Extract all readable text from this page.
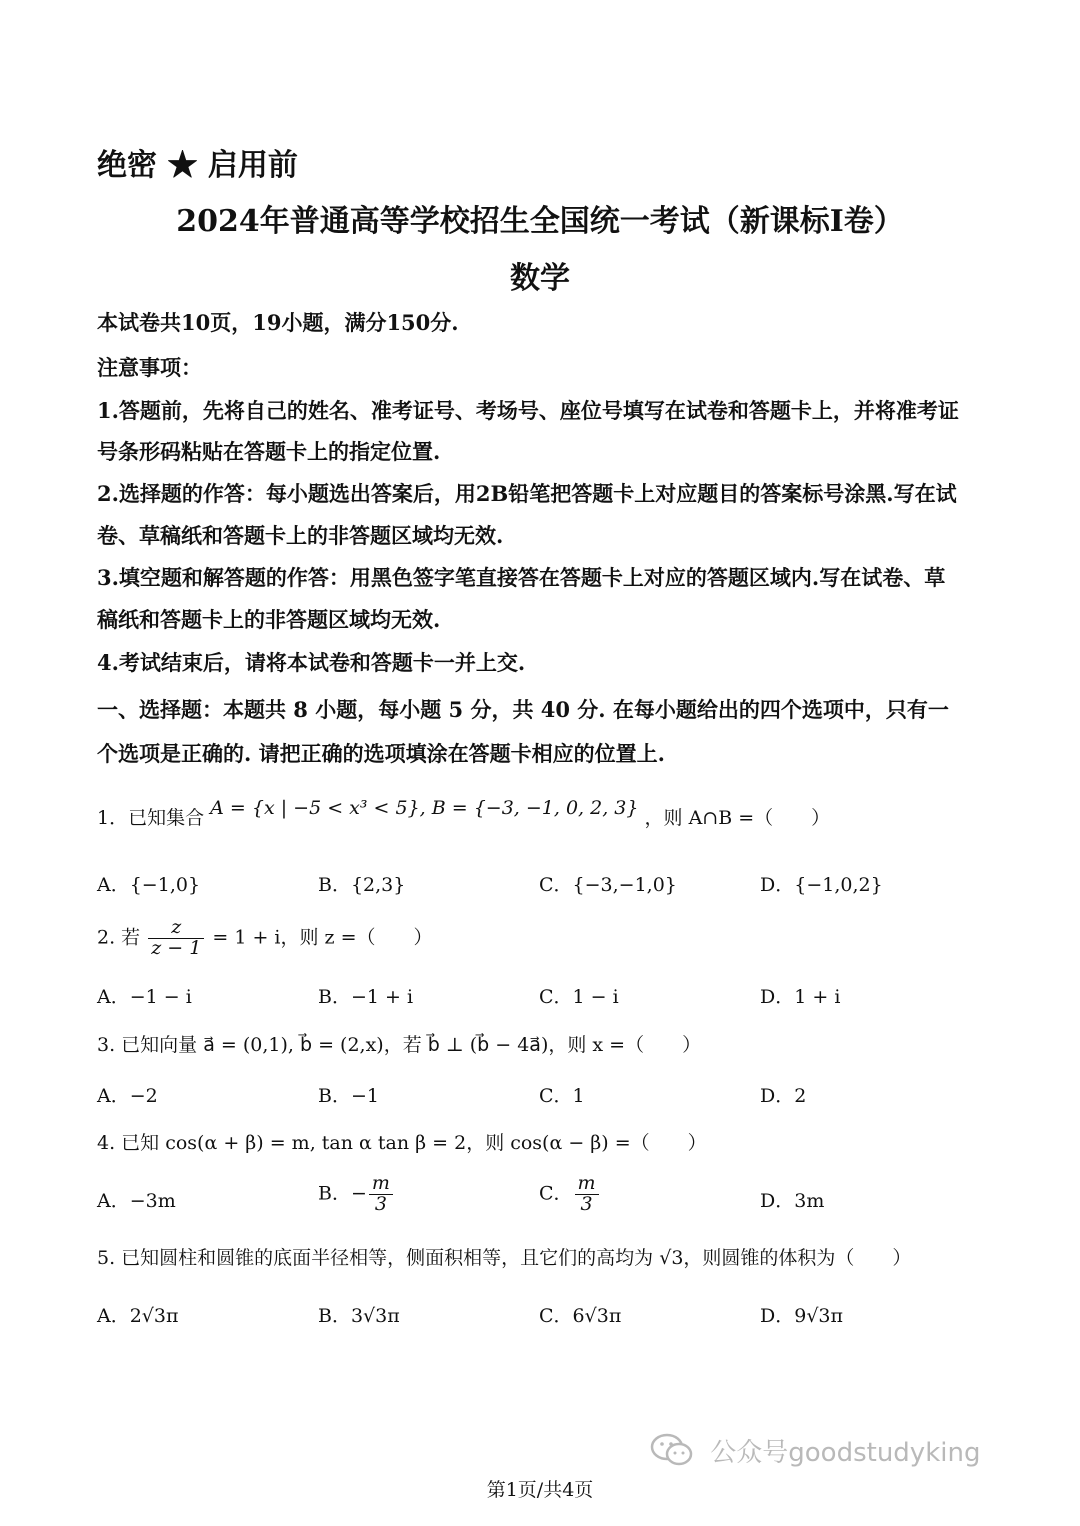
绝密 ★ 启用前
2024年普通高等学校招生全国统一考试（新课标I卷）
数学
本试卷共10页，19小题，满分150分.
注意事项：
1.答题前，先将自己的姓名、准考证号、考场号、座位号填写在试卷和答题卡上，并将准考证
号条形码粘贴在答题卡上的指定位置.
2.选择题的作答：每小题选出答案后，用2B铅笔把答题卡上对应题目的答案标号涂黑.写在试
卷、草稿纸和答题卡上的非答题区域均无效.
3.填空题和解答题的作答：用黑色签字笔直接答在答题卡上对应的答题区域内.写在试卷、草
稿纸和答题卡上的非答题区域均无效.
4.考试结束后，请将本试卷和答题卡一并上交.
一、选择题：本题共 8 小题，每小题 5 分，共 40 分. 在每小题给出的四个选项中，只有一
个选项是正确的. 请把正确的选项填涂在答题卡相应的位置上.
1．已知集合 A = {x | −5 < x³ < 5}, B = {−3, −1, 0, 2, 3} ，则 A∩B =（　　）
A．{−1,0}	B．{2,3}	C．{−3,−1,0}	D．{−1,0,2}
2. 若 $\frac{z}{z - 1} = 1 + i$，则 z =（　　）
A．−1 − i	B．−1 + i	C．1 − i	D．1 + i
3. 已知向量 a⃗ = (0,1), b⃗ = (2,x)，若 b⃗ ⊥ (b⃗ − 4a⃗)，则 x =（　　）
A．−2	B．−1	C．1	D．2
4. 已知 cos(α + β) = m, tan α tan β = 2，则 cos(α − β) =（　　）
A．−3m	B．− $\frac{m}{3}$	C． $\frac{m}{3}$	D．3m
5. 已知圆柱和圆锥的底面半径相等，侧面积相等，且它们的高均为 √3，则圆锥的体积为（　　）
A．2√3π	B．3√3π	C．6√3π	D．9√3π
第1页/共4页
公众号goodstudyking
